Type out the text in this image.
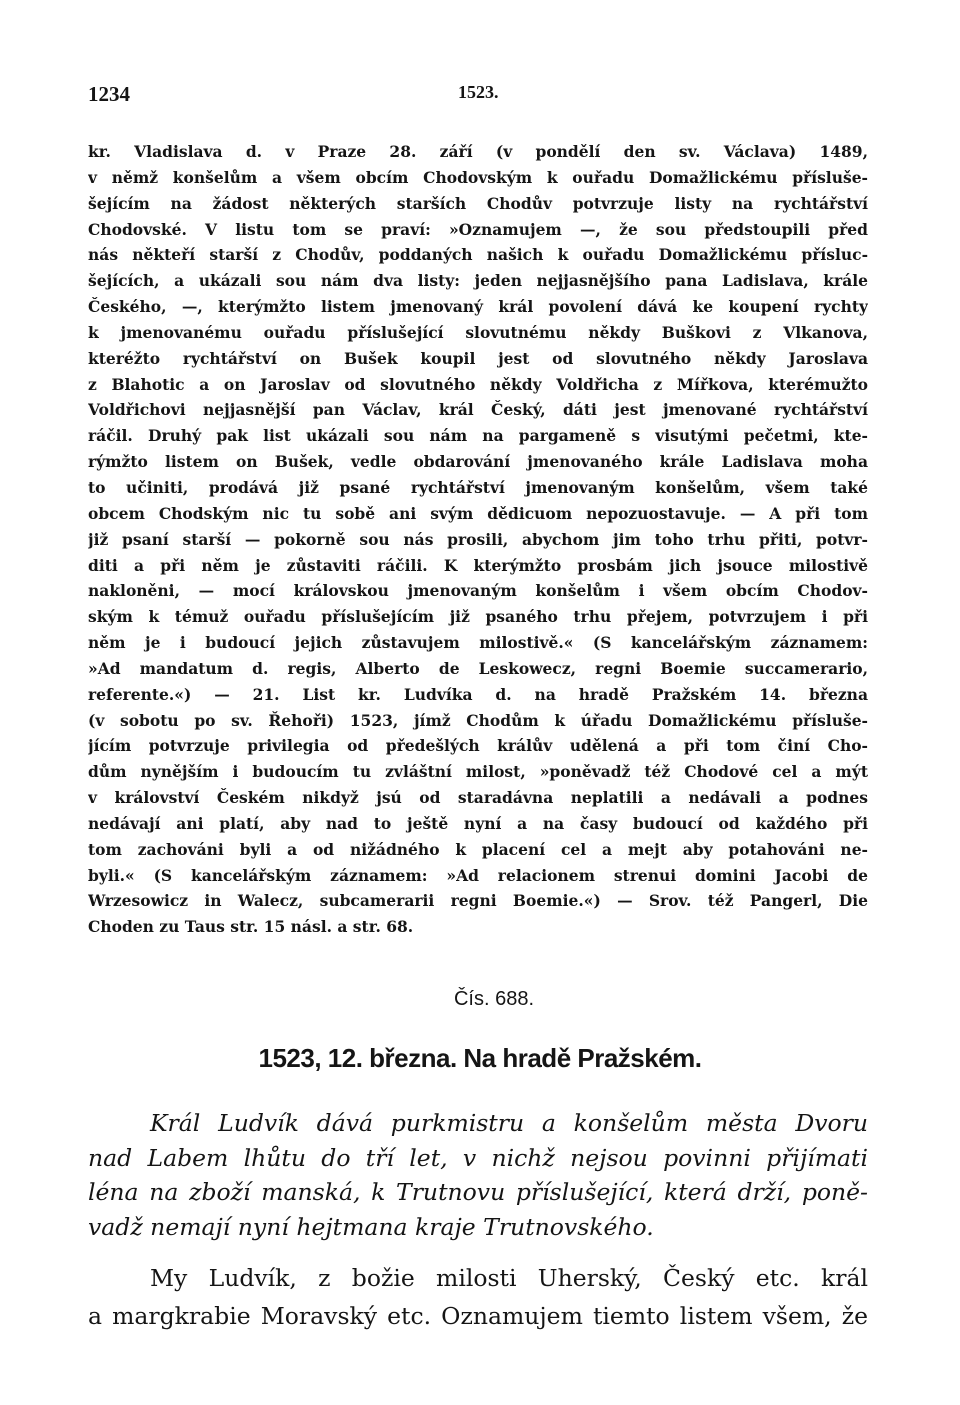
1234	1523.
kr. Vladislava d. v Praze 28. září (v pondělí den sv. Václava) 1489,
v němž konšelům a všem obcím Chodovským k ouřadu Domažlickému přísluše-
šejícím na žádost některých starších Chodův potvrzuje listy na rychtářství
Chodovské. V listu tom se praví: »Oznamujem —, že sou předstoupili před
nás někteří starší z Chodův, poddaných našich k ouřadu Domažlickému přísluc-
šejících, a ukázali sou nám dva listy: jeden nejjasnějšího pana Ladislava, krále
Českého, —, kterýmžto listem jmenovaný král povolení dává ke koupení rychty
k jmenovanému ouřadu příslušející slovutnému někdy Buškovi z Vlkanova,
kteréžto rychtářství on Bušek koupil jest od slovutného někdy Jaroslava
z Blahotic a on Jaroslav od slovutného někdy Voldřicha z Mířkova, kterémužto
Voldřichovi nejjasnější pan Václav, král Český, dáti jest jmenované rychtářství
ráčil. Druhý pak list ukázali sou nám na pargameně s visutými pečetmi, kte-
rýmžto listem on Bušek, vedle obdarování jmenovaného krále Ladislava moha
to učiniti, prodává již psané rychtářství jmenovaným konšelům, všem také
obcem Chodským nic tu sobě ani svým dědicuom nepozuostavuje. — A při tom
již psaní starší — pokorně sou nás prosili, abychom jim toho trhu přiti, potvr-
diti a při něm je zůstaviti ráčili. K kterýmžto prosbám jich jsouce milostivě
nakloněni, — mocí královskou jmenovaným konšelům i všem obcím Chodov-
ským k témuž ouřadu příslušejícím již psaného trhu přejem, potvrzujem i při
něm je i budoucí jejich zůstavujem milostivě.« (S kancelářským záznamem:
»Ad mandatum d. regis, Alberto de Leskowecz, regni Boemie succamerario,
referente.«) — 21. List kr. Ludvíka d. na hradě Pražském 14. března
(v sobotu po sv. Řehoři) 1523, jímž Chodům k úřadu Domažlickému přísluše-
jícím potvrzuje privilegia od předešlých králův udělená a při tom činí Cho-
dům nynějším i budoucím tu zvláštní milost, »poněvadž též Chodové cel a mýt
v království Českém nikdyž jsú od staradávna neplatili a nedávali a podnes
nedávají ani platí, aby nad to ještě nyní a na časy budoucí od každého při
tom zachováni byli a od nižádného k placení cel a mejt aby potahováni ne-
byli.« (S kancelářským záznamem: »Ad relacionem strenui domini Jacobi de
Wrzesowicz in Walecz, subcamerarii regni Boemie.«) — Srov. též Pangerl, Die
Choden zu Taus str. 15 násl. a str. 68.
Čís. 688.
1523, 12. března. Na hradě Pražském.
Král Ludvík dává purkmistru a konšelům města Dvoru
nad Labem lhůtu do tří let, v nichž nejsou povinni přijímati
léna na zboží manská, k Trutnovu příslušející, která drží, poně-
vadž nemají nyní hejtmana kraje Trutnovského.
My Ludvík, z božie milosti Uherský, Český etc. král
a margkrabie Moravský etc. Oznamujem tiemto listem všem, že
